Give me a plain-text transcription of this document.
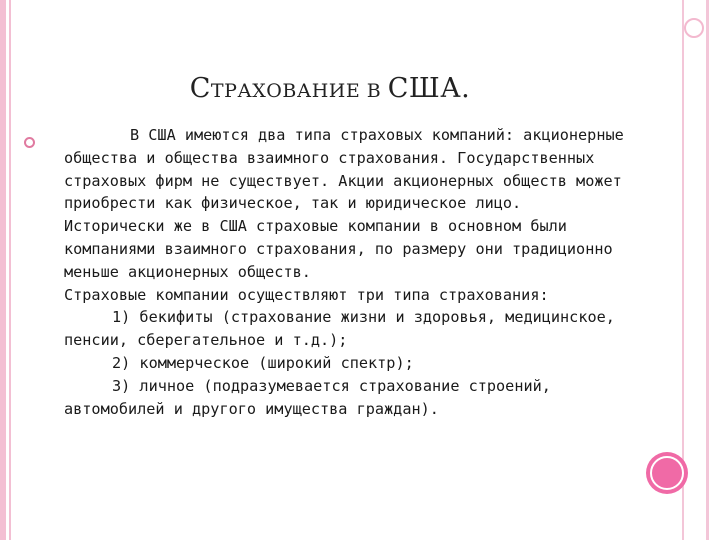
СТРАХОВАНИЕ В США.

В США имеются два типа страховых компаний: акционерные общества и общества взаимного страхования. Государственных страховых фирм не существует. Акции акционерных обществ может приобрести как физическое, так и юридическое лицо.

Исторически же в США страховые компании в основном были компаниями взаимного страхования, по размеру они традиционно меньше акционерных обществ.

Страховые компании осуществляют три типа страхования:

1) бекифиты (страхование жизни и здоровья, медицинское, пенсии, сберегательное и т.д.);

2) коммерческое (широкий спектр);

3) личное (подразумевается страхование строений, автомобилей и другого имущества граждан).
